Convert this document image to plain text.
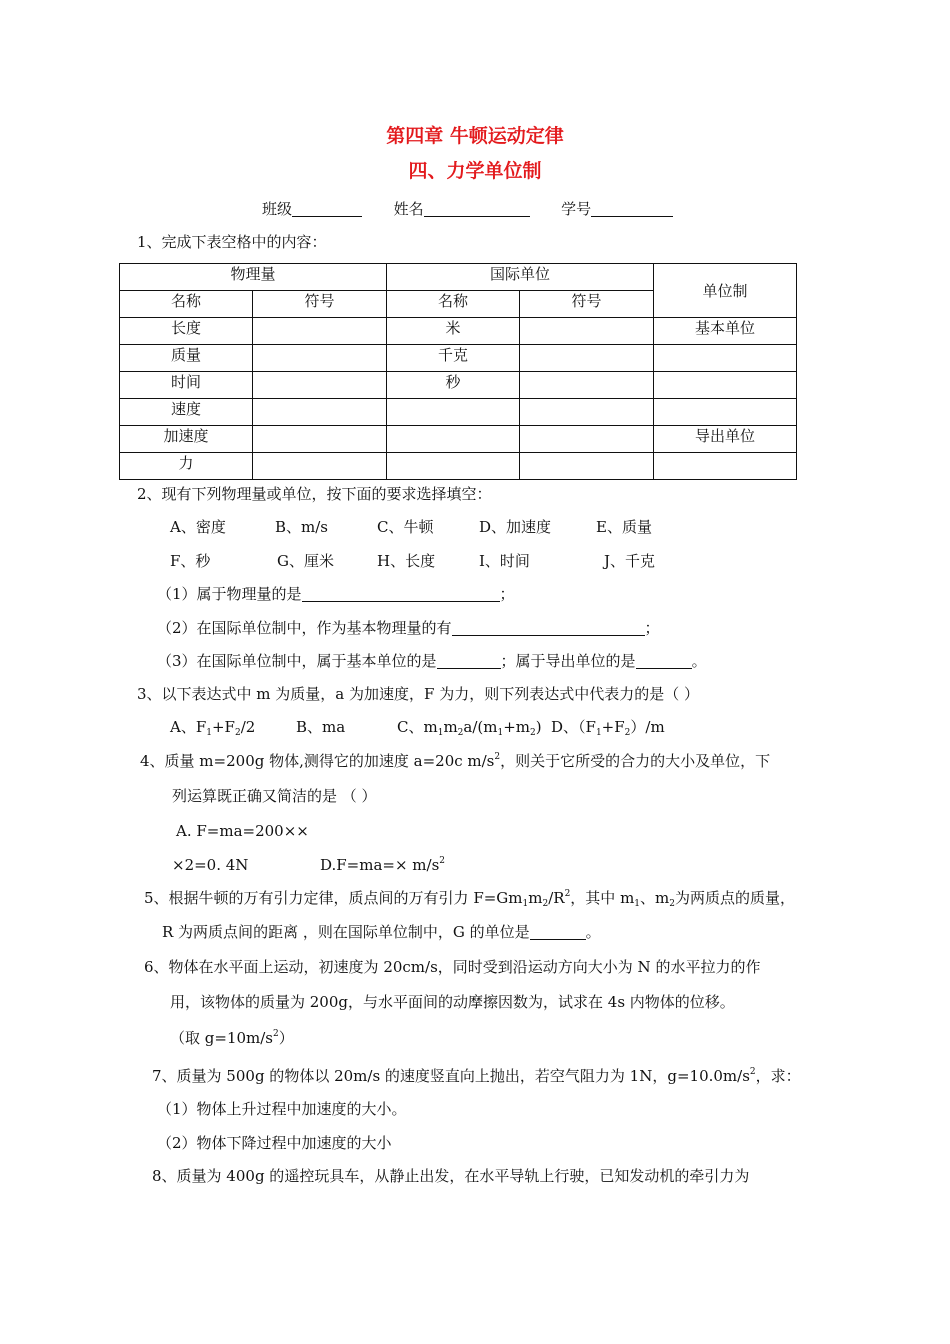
第四章 牛顿运动定律
四、力学单位制
班级	姓名	学号
1、完成下表空格中的内容：
物理量		国际单位		单位制
名称	符号	名称	符号	
长度		米		基本单位
质量		千克		
时间		秒		
速度				
加速度				导出单位
力				
2、现有下列物理量或单位，按下面的要求选择填空：
A、密度	B、m/s	C、牛顿	D、加速度	E、质量
F、秒	G、厘米	H、长度	I、时间	J、千克
（1）属于物理量的是	；
（2）在国际单位制中，作为基本物理量的有	；
（3）在国际单位制中，属于基本单位的是	；属于导出单位的是	。
3、以下表达式中 m 为质量，a 为加速度，F 为力，则下列表达式中代表力的是（ ）
A、$F_1+F_2/2$	B、ma	C、$m_1m_2a/(m_1+m_2)$ D、$(F_1+F_2)/m$
4、质量 m=200g 物体,测得它的加速度 a=20c $m/s^2$，则关于它所受的合力的大小及单位，下
列运算既正确又简洁的是 （ ）
A. F=ma=200××
×2=0. 4N	$D.F=ma=\times m/s^2$
5、根据牛顿的万有引力定律，质点间的万有引力 $F=Gm_1m_2/R^2$，其中 $m_1$、$m_2$为两质点的质量，
R 为两质点间的距离 ，则在国际单位制中，G 的单位是	。
6、物体在水平面上运动，初速度为 20cm/s，同时受到沿运动方向大小为 N 的水平拉力的作
用，该物体的质量为 200g，与水平面间的动摩擦因数为，试求在 4s 内物体的位移。
（取 $g=10m/s^2$）
7、质量为 500g 的物体以 20m/s 的速度竖直向上抛出，若空气阻力为 1N，$g=10.0m/s^2$，求：
（1）物体上升过程中加速度的大小。
（2）物体下降过程中加速度的大小
8、质量为 400g 的遥控玩具车，从静止出发，在水平导轨上行驶，已知发动机的牵引力为
